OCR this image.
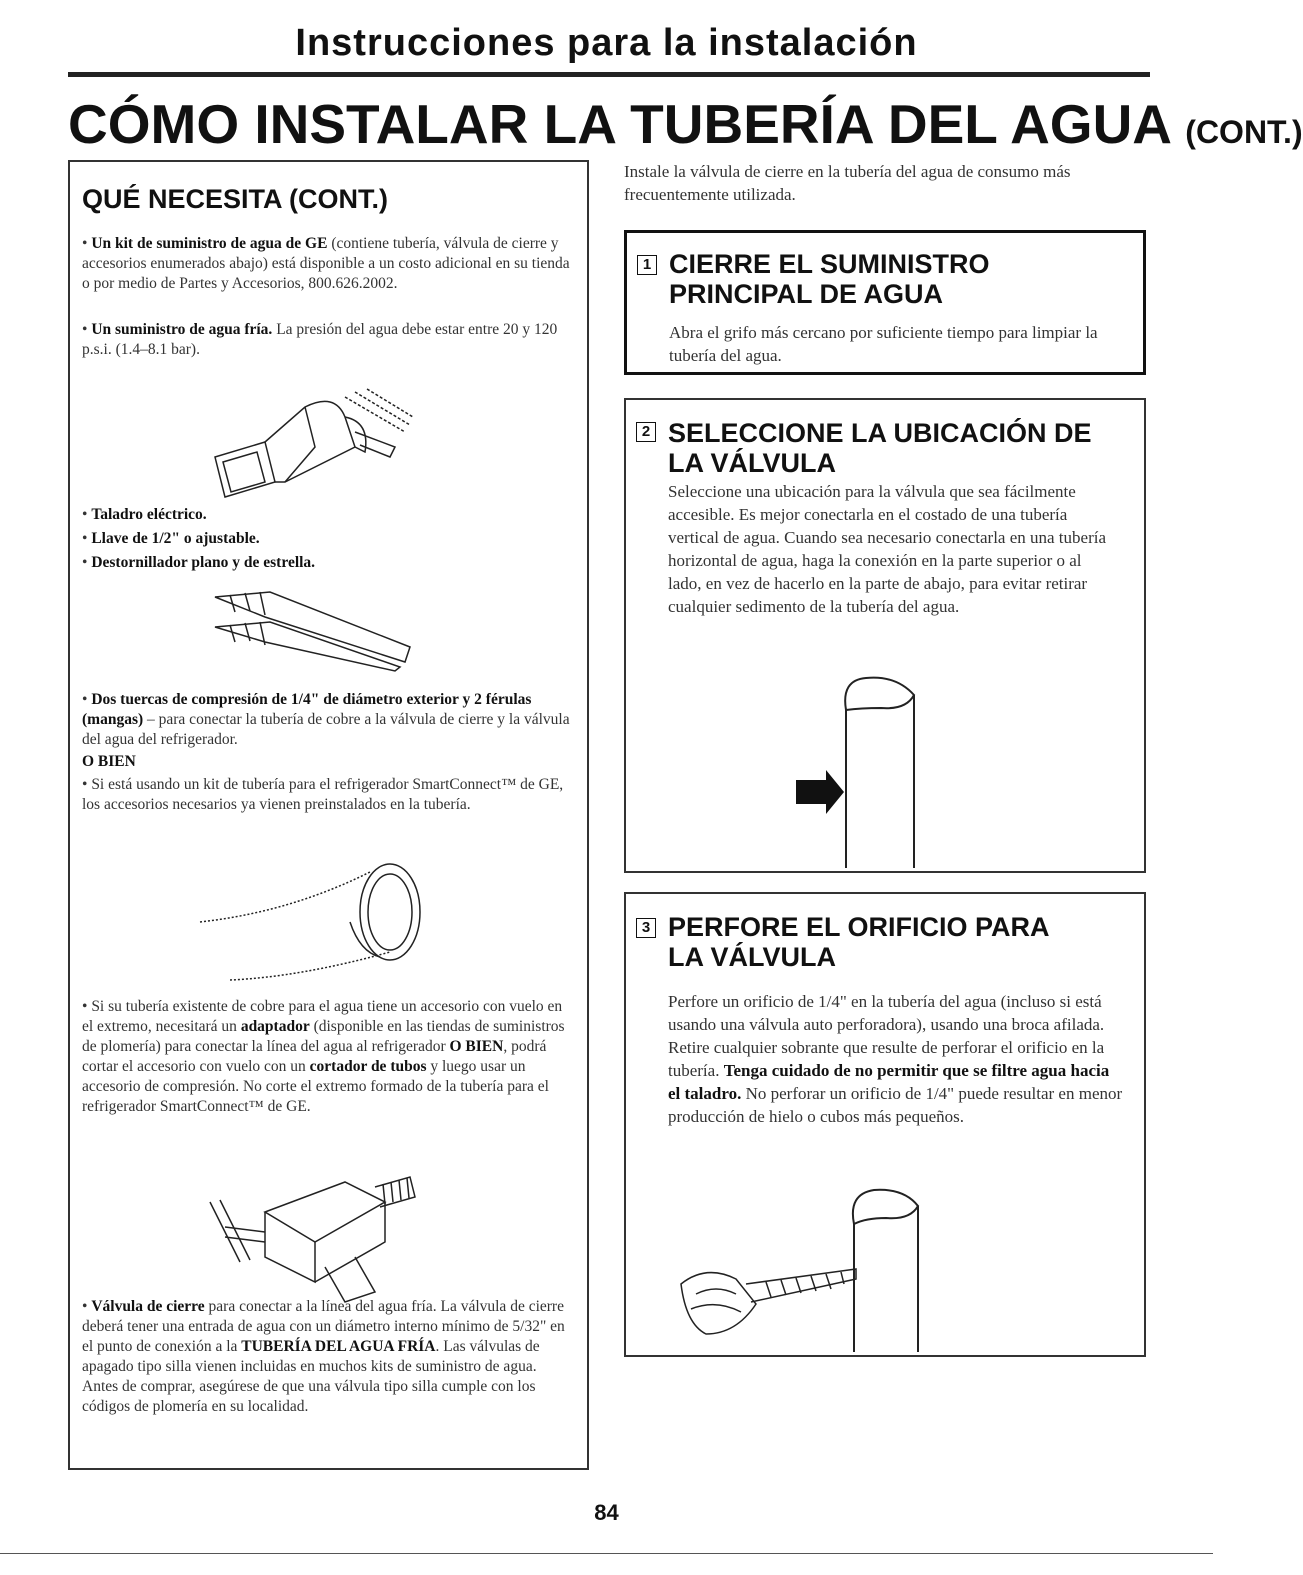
Instrucciones para la instalación
CÓMO INSTALAR LA TUBERÍA DEL AGUA (CONT.)
QUÉ NECESITA (CONT.)
• Un kit de suministro de agua de GE (contiene tubería, válvula de cierre y accesorios enumerados abajo) está disponible a un costo adicional en su tienda o por medio de Partes y Accesorios, 800.626.2002.
• Un suministro de agua fría. La presión del agua debe estar entre 20 y 120 p.s.i. (1.4–8.1 bar).
• Taladro eléctrico.
• Llave de 1/2" o ajustable.
• Destornillador plano y de estrella.
• Dos tuercas de compresión de 1/4" de diámetro exterior y 2 férulas (mangas) – para conectar la tubería de cobre a la válvula de cierre y la válvula del agua del refrigerador.
O BIEN
• Si está usando un kit de tubería para el refrigerador SmartConnect™ de GE, los accesorios necesarios ya vienen preinstalados en la tubería.
• Si su tubería existente de cobre para el agua tiene un accesorio con vuelo en el extremo, necesitará un adaptador (disponible en las tiendas de suministros de plomería) para conectar la línea del agua al refrigerador O BIEN, podrá cortar el accesorio con vuelo con un cortador de tubos y luego usar un accesorio de compresión. No corte el extremo formado de la tubería para el refrigerador SmartConnect™ de GE.
• Válvula de cierre para conectar a la línea del agua fría. La válvula de cierre deberá tener una entrada de agua con un diámetro interno mínimo de 5/32" en el punto de conexión a la TUBERÍA DEL AGUA FRÍA. Las válvulas de apagado tipo silla vienen incluidas en muchos kits de suministro de agua. Antes de comprar, asegúrese de que una válvula tipo silla cumple con los códigos de plomería en su localidad.
Instale la válvula de cierre en la tubería del agua de consumo más frecuentemente utilizada.
1 CIERRE EL SUMINISTRO
PRINCIPAL DE AGUA
Abra el grifo más cercano por suficiente tiempo para limpiar la tubería del agua.
2 SELECCIONE LA UBICACIÓN DE
LA VÁLVULA
Seleccione una ubicación para la válvula que sea fácilmente accesible. Es mejor conectarla en el costado de una tubería vertical de agua. Cuando sea necesario conectarla en una tubería horizontal de agua, haga la conexión en la parte superior o al lado, en vez de hacerlo en la parte de abajo, para evitar retirar cualquier sedimento de la tubería del agua.
3 PERFORE EL ORIFICIO PARA
LA VÁLVULA
Perfore un orificio de 1/4" en la tubería del agua (incluso si está usando una válvula auto perforadora), usando una broca afilada. Retire cualquier sobrante que resulte de perforar el orificio en la tubería. Tenga cuidado de no permitir que se filtre agua hacia el taladro. No perforar un orificio de 1/4" puede resultar en menor producción de hielo o cubos más pequeños.
84
